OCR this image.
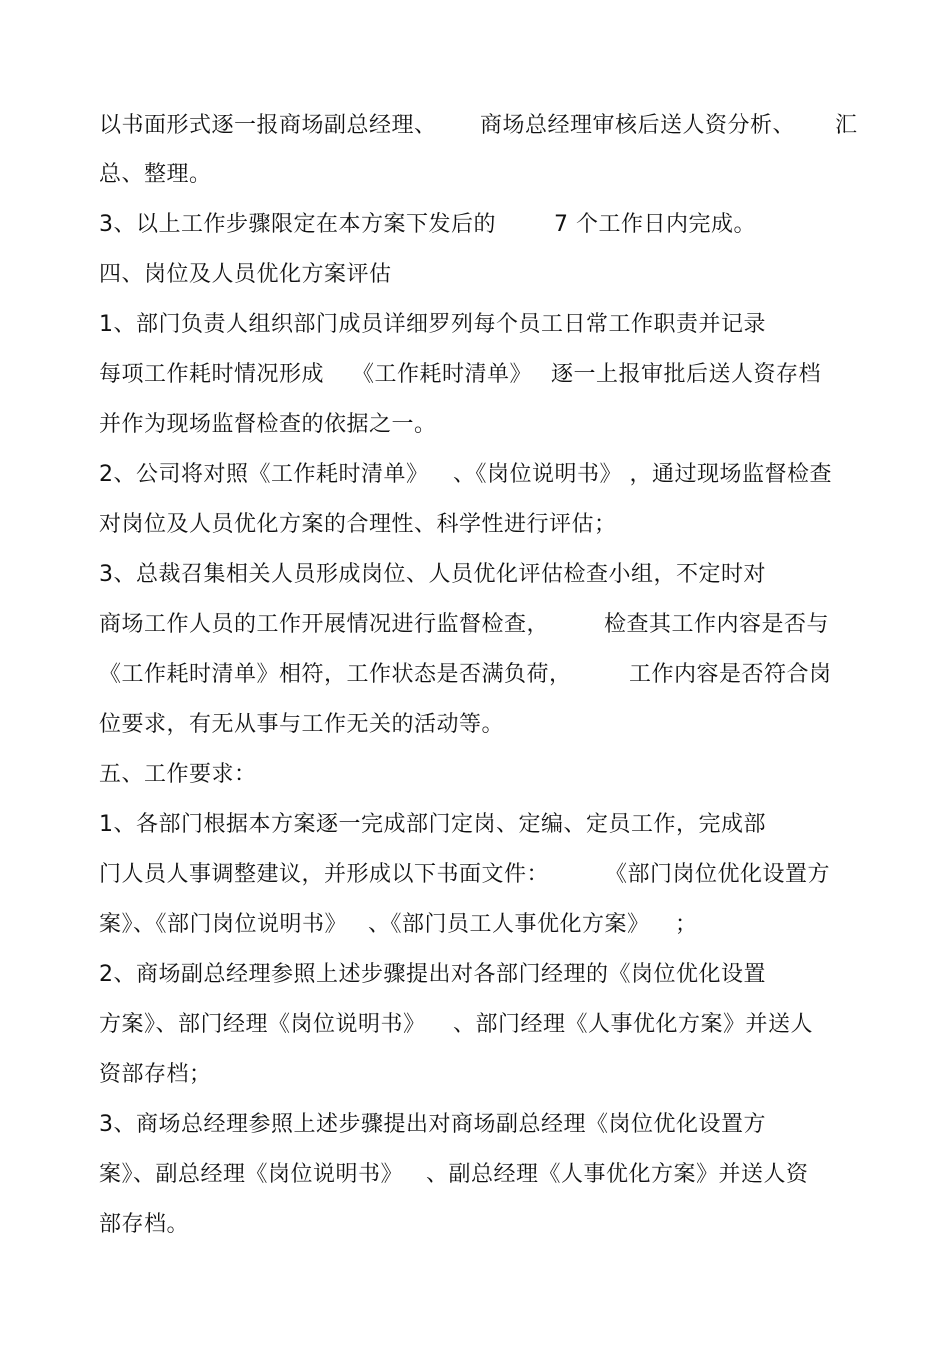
以书面形式逐一报商场副总经理、

商场总经理审核后送人资分析、

汇

总、整理。

3、以上工作步骤限定在本方案下发后的

	7 个工作日内完成。

四、岗位及人员优化方案评估

1、部门负责人组织部门成员详细罗列每个员工日常工作职责并记录

每项工作耗时情况形成

《工作耗时清单》

逐一上报审批后送人资存档

并作为现场监督检查的依据之一。

2、公司将对照《工作耗时清单》

、《岗位说明书》 ，通过现场监督检查

对岗位及人员优化方案的合理性、科学性进行评估；

3、总裁召集相关人员形成岗位、人员优化评估检查小组，不定时对

商场工作人员的工作开展情况进行监督检查，

检查其工作内容是否与

《工作耗时清单》相符，工作状态是否满负荷，

	工作内容是否符合岗

位要求，有无从事与工作无关的活动等。

五、工作要求：

1、各部门根据本方案逐一完成部门定岗、定编、定员工作，完成部

门人员人事调整建议，并形成以下书面文件：

	《部门岗位优化设置方

案》、《部门岗位说明书》

、《部门员工人事优化方案》

；

2、商场副总经理参照上述步骤提出对各部门经理的《岗位优化设置

方案》、部门经理《岗位说明书》

、部门经理《人事优化方案》并送人

资部存档；

3、商场总经理参照上述步骤提出对商场副总经理《岗位优化设置方

案》、副总经理《岗位说明书》

、副总经理《人事优化方案》并送人资

部存档。
